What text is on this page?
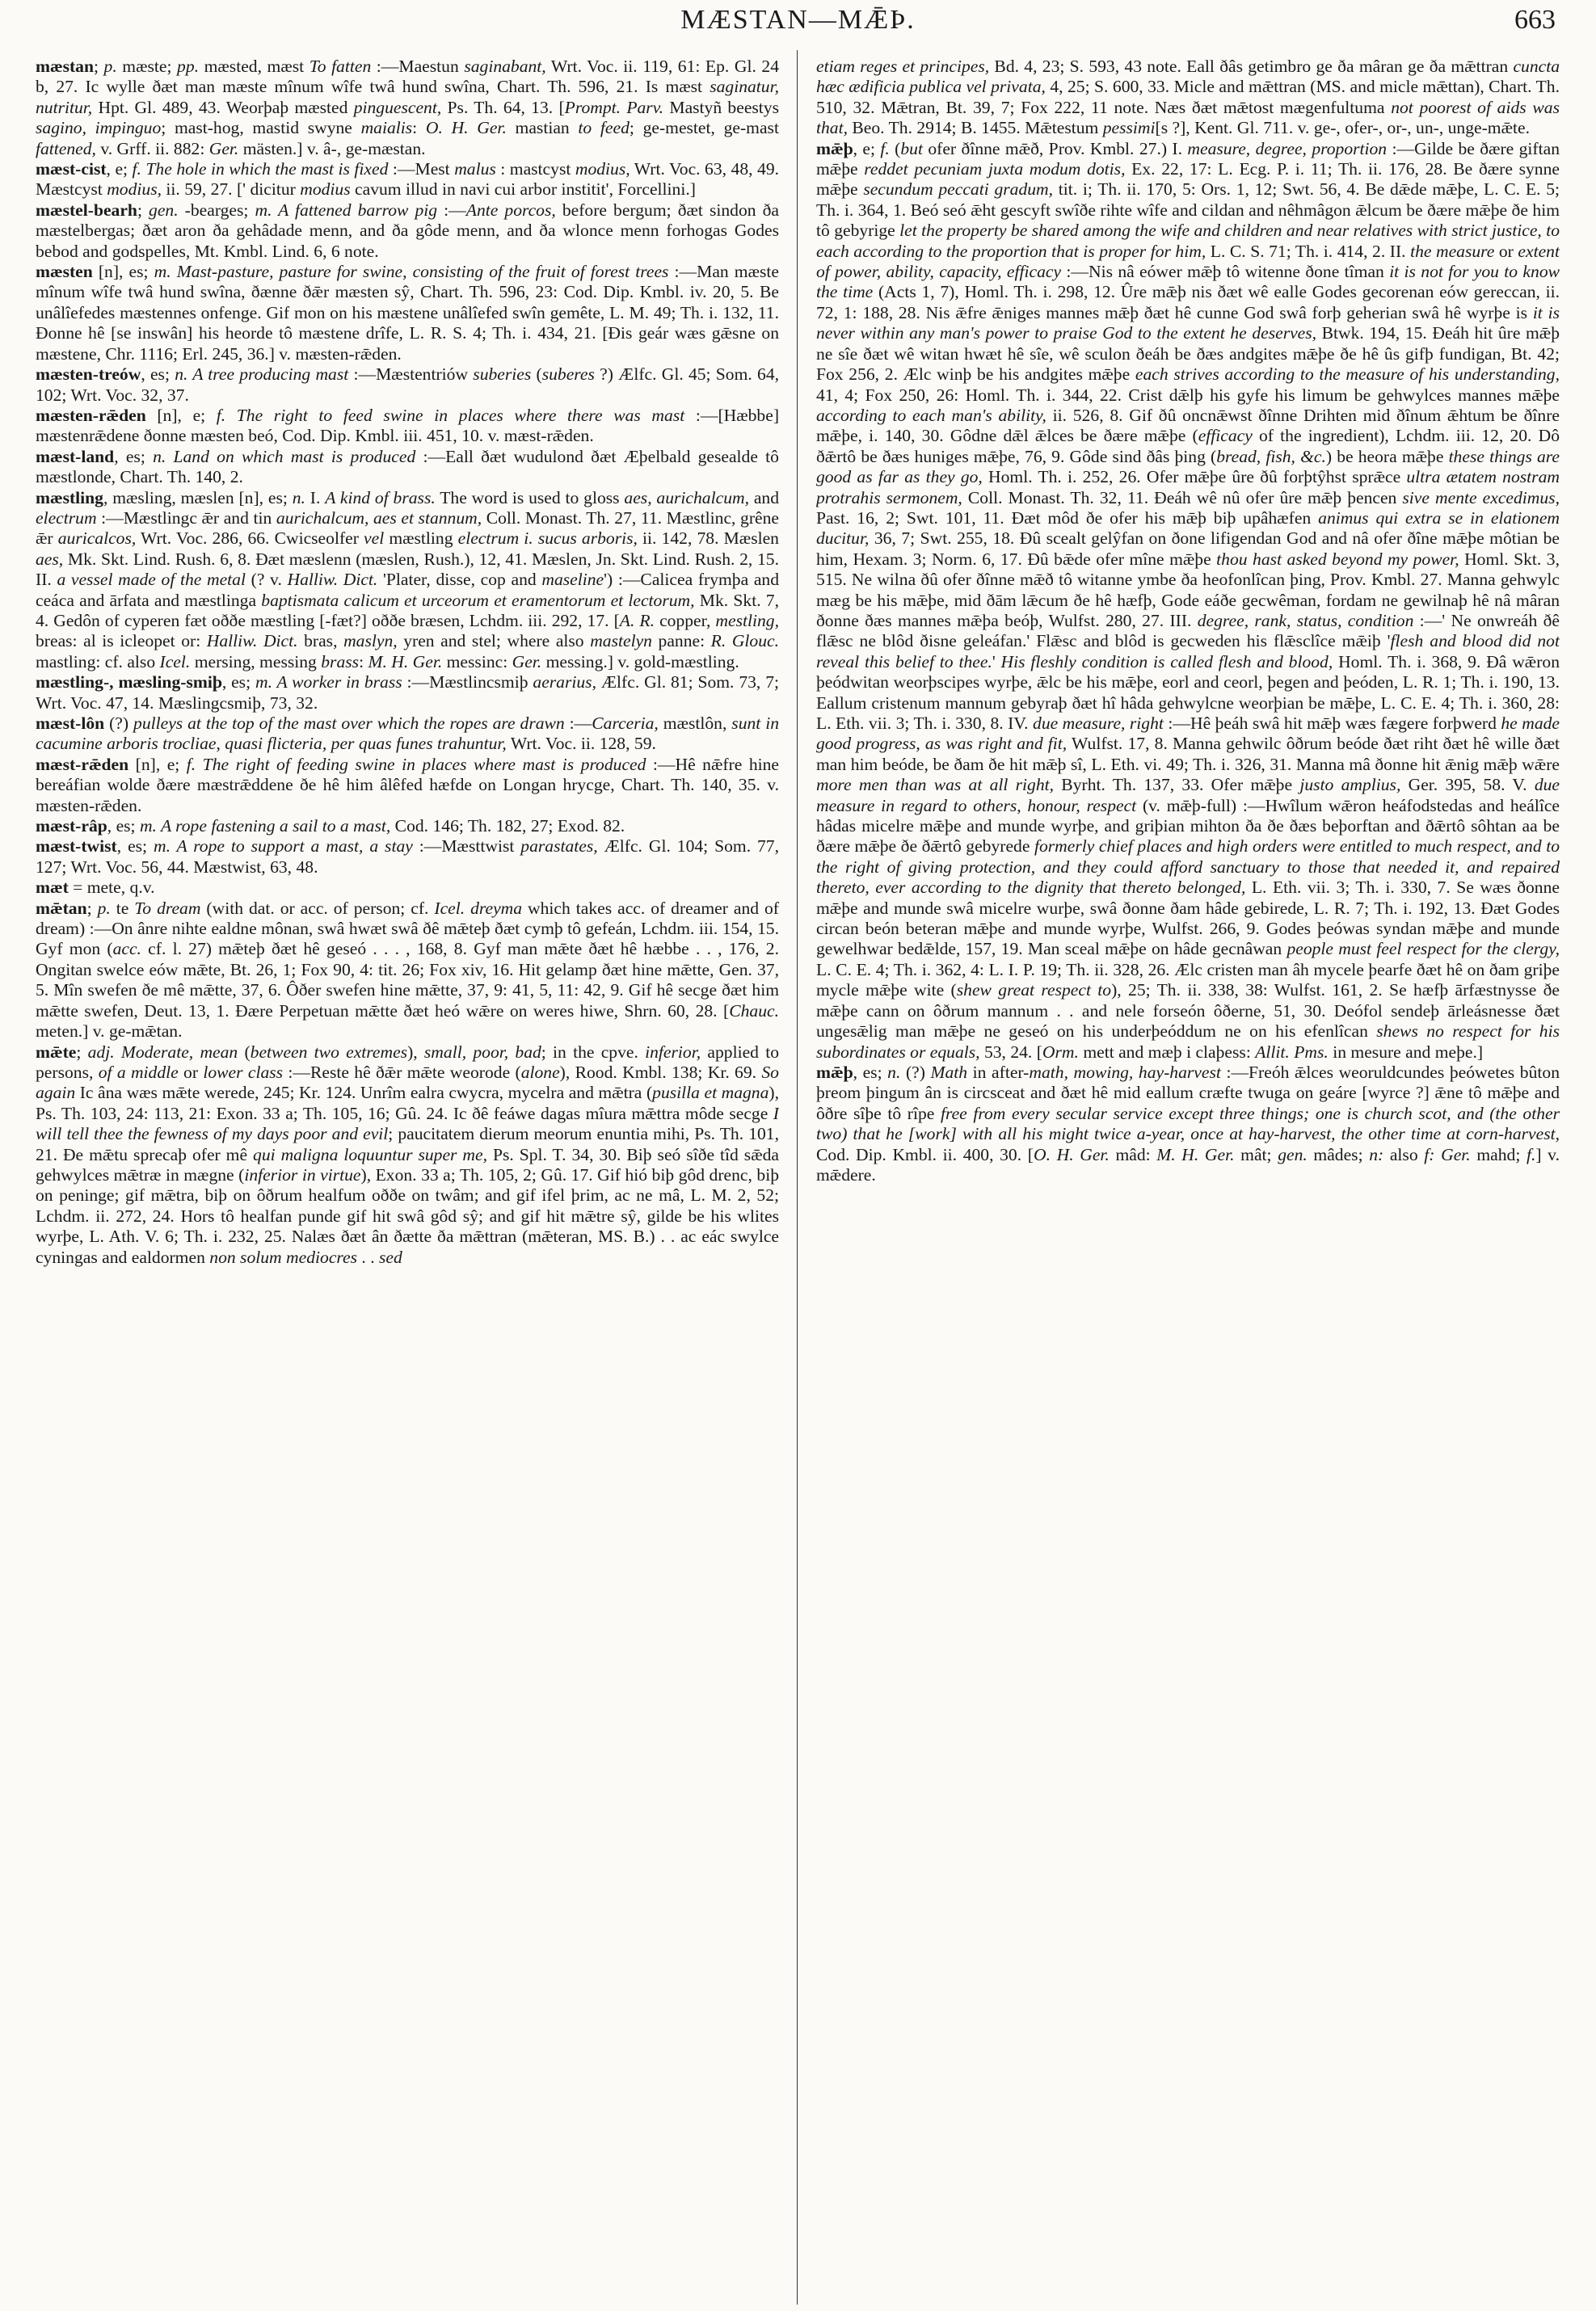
MÆSTAN—MǢÞ.	663

mæstan; p. mæste; pp. mæsted, mæst To fatten :—Maestun saginabant, Wrt. Voc. ii. 119, 61: Ep. Gl. 24 b, 27. Ic wylle ðæt man mæste mînum wîfe twâ hund swîna, Chart. Th. 596, 21. Is mæst saginatur, nutritur, Hpt. Gl. 489, 43. Weorþaþ mæsted pinguescent, Ps. Th. 64, 13. [Prompt. Parv. Mastyñ beestys sagino, impinguo; mast-hog, mastid swyne maialis: O. H. Ger. mastian to feed; ge-mestet, ge-mast fattened, v. Grff. ii. 882: Ger. mästen.] v. â-, ge-mæstan.

mæst-cist, e; f. The hole in which the mast is fixed :—Mest malus : mastcyst modius, Wrt. Voc. 63, 48, 49. Mæstcyst modius, ii. 59, 27. [' dicitur modius cavum illud in navi cui arbor institit', Forcellini.]

mæstel-bearh; gen. -bearges; m. A fattened barrow pig :—Ante porcos, before bergum; ðæt sindon ða mæstelbergas; ðæt aron ða gehâdade menn, and ða gôde menn, and ða wlonce menn forhogas Godes bebod and godspelles, Mt. Kmbl. Lind. 6, 6 note.

mæsten [n], es; m. Mast-pasture, pasture for swine, consisting of the fruit of forest trees :—Man mæste mînum wîfe twâ hund swîna, ðænne ðǣr mæsten sŷ, Chart. Th. 596, 23: Cod. Dip. Kmbl. iv. 20, 5. Be unâlîefedes mæstennes onfenge. Gif mon on his mæstene unâlîefed swîn gemête, L. M. 49; Th. i. 132, 11. Ðonne hê [se inswân] his heorde tô mæstene drîfe, L. R. S. 4; Th. i. 434, 21. [Ðis geár wæs gǣsne on mæstene, Chr. 1116; Erl. 245, 36.] v. mæsten-rǣden.

mæsten-treów, es; n. A tree producing mast :—Mæstentriów suberies (suberes ?) Ælfc. Gl. 45; Som. 64, 102; Wrt. Voc. 32, 37.

mæsten-rǣden [n], e; f. The right to feed swine in places where there was mast :—[Hæbbe] mæstenrǣdene ðonne mæsten beó, Cod. Dip. Kmbl. iii. 451, 10. v. mæst-rǣden.

mæst-land, es; n. Land on which mast is produced :—Eall ðæt wudulond ðæt Æþelbald gesealde tô mæstlonde, Chart. Th. 140, 2.

mæstling, mæsling, mæslen [n], es; n. I. A kind of brass. The word is used to gloss aes, aurichalcum, and electrum :—Mæstlingc ǣr and tin aurichalcum, aes et stannum, Coll. Monast. Th. 27, 11. Mæstlinc, grêne ǣr auricalcos, Wrt. Voc. 286, 66. Cwicseolfer vel mæstling electrum i. sucus arboris, ii. 142, 78. Mæslen aes, Mk. Skt. Lind. Rush. 6, 8. Ðæt mæslenn (mæslen, Rush.), 12, 41. Mæslen, Jn. Skt. Lind. Rush. 2, 15. II. a vessel made of the metal (? v. Halliw. Dict. 'Plater, disse, cop and maseline') :—Calicea frymþa and ceáca and ārfata and mæstlinga baptismata calicum et urceorum et eramentorum et lectorum, Mk. Skt. 7, 4. Gedôn of cyperen fæt oððe mæstling [-fæt?] oððe bræsen, Lchdm. iii. 292, 17. [A. R. copper, mestling, breas: al is icleopet or: Halliw. Dict. bras, maslyn, yren and stel; where also mastelyn panne: R. Glouc. mastling: cf. also Icel. mersing, messing brass: M. H. Ger. messinc: Ger. messing.] v. gold-mæstling.

mæstling-, mæsling-smiþ, es; m. A worker in brass :—Mæstlincsmiþ aerarius, Ælfc. Gl. 81; Som. 73, 7; Wrt. Voc. 47, 14. Mæslingcsmiþ, 73, 32.

mæst-lôn (?) pulleys at the top of the mast over which the ropes are drawn :—Carceria, mæstlôn, sunt in cacumine arboris trocliae, quasi flicteria, per quas funes trahuntur, Wrt. Voc. ii. 128, 59.

mæst-rǣden [n], e; f. The right of feeding swine in places where mast is produced :—Hê nǣfre hine bereáfian wolde ðære mæstrǣddene ðe hê him âlêfed hæfde on Longan hrycge, Chart. Th. 140, 35. v. mæsten-rǣden.

mæst-râp, es; m. A rope fastening a sail to a mast, Cod. 146; Th. 182, 27; Exod. 82.

mæst-twist, es; m. A rope to support a mast, a stay :—Mæsttwist parastates, Ælfc. Gl. 104; Som. 77, 127; Wrt. Voc. 56, 44. Mæstwist, 63, 48.

mæt = mete, q.v.

mǣtan; p. te To dream (with dat. or acc. of person; cf. Icel. dreyma which takes acc. of dreamer and of dream) :—On ânre nihte ealdne mônan, swâ hwæt swâ ðê mǣteþ ðæt cymþ tô gefeán, Lchdm. iii. 154, 15. Gyf mon (acc. cf. l. 27) mǣteþ ðæt hê geseó . . . , 168, 8. Gyf man mǣte ðæt hê hæbbe . . , 176, 2. Ongitan swelce eów mǣte, Bt. 26, 1; Fox 90, 4: tit. 26; Fox xiv, 16. Hit gelamp ðæt hine mǣtte, Gen. 37, 5. Mîn swefen ðe mê mǣtte, 37, 6. Ôðer swefen hine mǣtte, 37, 9: 41, 5, 11: 42, 9. Gif hê secge ðæt him mǣtte swefen, Deut. 13, 1. Ðære Perpetuan mǣtte ðæt heó wǣre on weres hiwe, Shrn. 60, 28. [Chauc. meten.] v. ge-mǣtan.

mǣte; adj. Moderate, mean (between two extremes), small, poor, bad; in the cpve. inferior, applied to persons, of a middle or lower class :—Reste hê ðǣr mǣte weorode (alone), Rood. Kmbl. 138; Kr. 69. So again Ic âna wæs mǣte werede, 245; Kr. 124. Unrîm ealra cwycra, mycelra and mǣtra (pusilla et magna), Ps. Th. 103, 24: 113, 21: Exon. 33 a; Th. 105, 16; Gû. 24. Ic ðê feáwe dagas mîura mǣttra môde secge I will tell thee the fewness of my days poor and evil; paucitatem dierum meorum enuntia mihi, Ps. Th. 101, 21. Ðe mǣtu sprecaþ ofer mê qui maligna loquuntur super me, Ps. Spl. T. 34, 30. Biþ seó sîðe tîd sǣda gehwylces mǣtræ in mægne (inferior in virtue), Exon. 33 a; Th. 105, 2; Gû. 17. Gif hió biþ gôd drenc, biþ on peninge; gif mǣtra, biþ on ôðrum healfum oððe on twâm; and gif ifel þrim, ac ne mâ, L. M. 2, 52; Lchdm. ii. 272, 24. Hors tô healfan punde gif hit swâ gôd sŷ; and gif hit mǣtre sŷ, gilde be his wlites wyrþe, L. Ath. V. 6; Th. i. 232, 25. Nalæs ðæt ân ðætte ða mǣttran (mǣteran, MS. B.) . . ac eác swylce cyningas and ealdormen non solum mediocres . . sed

etiam reges et principes, Bd. 4, 23; S. 593, 43 note. Eall ðâs getimbro ge ða mâran ge ða mǣttran cuncta hæc ædificia publica vel privata, 4, 25; S. 600, 33. Micle and mǣttran (MS. and micle mǣttan), Chart. Th. 510, 32. Mǣtran, Bt. 39, 7; Fox 222, 11 note. Næs ðæt mǣtost mægenfultuma not poorest of aids was that, Beo. Th. 2914; B. 1455. Mǣtestum pessimi[s ?], Kent. Gl. 711. v. ge-, ofer-, or-, un-, unge-mǣte.

mǣþ, e; f. (but ofer ðînne mǣð, Prov. Kmbl. 27.) I. measure, degree, proportion :—Gilde be ðære giftan mǣþe reddet pecuniam juxta modum dotis, Ex. 22, 17: L. Ecg. P. i. 11; Th. ii. 176, 28. Be ðære synne mǣþe secundum peccati gradum, tit. i; Th. ii. 170, 5: Ors. 1, 12; Swt. 56, 4. Be dǣde mǣþe, L. C. E. 5; Th. i. 364, 1. Beó seó ǣht gescyft swîðe rihte wîfe and cildan and nêhmâgon ǣlcum be ðære mǣþe ðe him tô gebyrige let the property be shared among the wife and children and near relatives with strict justice, to each according to the proportion that is proper for him, L. C. S. 71; Th. i. 414, 2. II. the measure or extent of power, ability, capacity, efficacy :—Nis nâ eówer mǣþ tô witenne ðone tîman it is not for you to know the time (Acts 1, 7), Homl. Th. i. 298, 12. Ûre mǣþ nis ðæt wê ealle Godes gecorenan eów gereccan, ii. 72, 1: 188, 28. Nis ǣfre ǣniges mannes mǣþ ðæt hê cunne God swâ forþ geherian swâ hê wyrþe is it is never within any man's power to praise God to the extent he deserves, Btwk. 194, 15. Ðeáh hit ûre mǣþ ne sîe ðæt wê witan hwæt hê sîe, wê sculon ðeáh be ðæs andgites mǣþe ðe hê ûs gifþ fundigan, Bt. 42; Fox 256, 2. Ælc winþ be his andgites mǣþe each strives according to the measure of his understanding, 41, 4; Fox 250, 26: Homl. Th. i. 344, 22. Crist dǣlþ his gyfe his limum be gehwylces mannes mǣþe according to each man's ability, ii. 526, 8. Gif ðû oncnǣwst ðînne Drihten mid ðînum ǣhtum be ðînre mǣþe, i. 140, 30. Gôdne dǣl ǣlces be ðære mǣþe (efficacy of the ingredient), Lchdm. iii. 12, 20. Dô ðǣrtô be ðæs huniges mǣþe, 76, 9. Gôde sind ðâs þing (bread, fish, &c.) be heora mǣþe these things are good as far as they go, Homl. Th. i. 252, 26. Ofer mǣþe ûre ðû forþtŷhst sprǣce ultra ætatem nostram protrahis sermonem, Coll. Monast. Th. 32, 11. Ðeáh wê nû ofer ûre mǣþ þencen sive mente excedimus, Past. 16, 2; Swt. 101, 11. Ðæt môd ðe ofer his mǣþ biþ upâhæfen animus qui extra se in elationem ducitur, 36, 7; Swt. 255, 18. Ðû scealt gelŷfan on ðone lifigendan God and nâ ofer ðîne mǣþe môtian be him, Hexam. 3; Norm. 6, 17. Ðû bǣde ofer mîne mǣþe thou hast asked beyond my power, Homl. Skt. 3, 515. Ne wilna ðû ofer ðînne mǣð tô witanne ymbe ða heofonlîcan þing, Prov. Kmbl. 27. Manna gehwylc mæg be his mǣþe, mid ðām lǣcum ðe hê hæfþ, Gode eáðe gecwêman, fordam ne gewilnaþ hê nâ mâran ðonne ðæs mannes mǣþa beóþ, Wulfst. 280, 27. III. degree, rank, status, condition :—' Ne onwreáh ðê flǣsc ne blôd ðisne geleáfan.' Flǣsc and blôd is gecweden his flǣsclîce mǣiþ 'flesh and blood did not reveal this belief to thee.' His fleshly condition is called flesh and blood, Homl. Th. i. 368, 9. Ðâ wǣron þeódwitan weorþscipes wyrþe, ǣlc be his mǣþe, eorl and ceorl, þegen and þeóden, L. R. 1; Th. i. 190, 13. Eallum cristenum mannum gebyraþ ðæt hî hâda gehwylcne weorþian be mǣþe, L. C. E. 4; Th. i. 360, 28: L. Eth. vii. 3; Th. i. 330, 8. IV. due measure, right :—Hê þeáh swâ hit mǣþ wæs fægere forþwerd he made good progress, as was right and fit, Wulfst. 17, 8. Manna gehwilc ôðrum beóde ðæt riht ðæt hê wille ðæt man him beóde, be ðam ðe hit mǣþ sî, L. Eth. vi. 49; Th. i. 326, 31. Manna mâ ðonne hit ǣnig mǣþ wǣre more men than was at all right, Byrht. Th. 137, 33. Ofer mǣþe justo amplius, Ger. 395, 58. V. due measure in regard to others, honour, respect (v. mǣþ-full) :—Hwîlum wǣron heáfodstedas and heálîce hâdas micelre mǣþe and munde wyrþe, and griþian mihton ða ðe ðæs beþorftan and ðǣrtô sôhtan aa be ðære mǣþe ðe ðǣrtô gebyrede formerly chief places and high orders were entitled to much respect, and to the right of giving protection, and they could afford sanctuary to those that needed it, and repaired thereto, ever according to the dignity that thereto belonged, L. Eth. vii. 3; Th. i. 330, 7. Se wæs ðonne mǣþe and munde swâ micelre wurþe, swâ ðonne ðam hâde gebirede, L. R. 7; Th. i. 192, 13. Ðæt Godes circan beón beteran mǣþe and munde wyrþe, Wulfst. 266, 9. Godes þeówas syndan mǣþe and munde gewelhwar bedǣlde, 157, 19. Man sceal mǣþe on hâde gecnâwan people must feel respect for the clergy, L. C. E. 4; Th. i. 362, 4: L. I. P. 19; Th. ii. 328, 26. Ælc cristen man âh mycele þearfe ðæt hê on ðam griþe mycle mǣþe wite (shew great respect to), 25; Th. ii. 338, 38: Wulfst. 161, 2. Se hæfþ ārfæstnysse ðe mǣþe cann on ôðrum mannum . . and nele forseón ôðerne, 51, 30. Deófol sendeþ ārleásnesse ðæt ungesǣlig man mǣþe ne geseó on his underþeóddum ne on his efenlîcan shews no respect for his subordinates or equals, 53, 24. [Orm. mett and mæþ i claþess: Allit. Pms. in mesure and meþe.]

mǣþ, es; n. (?) Math in after-math, mowing, hay-harvest :—Freóh ǣlces weoruldcundes þeówetes bûton þreom þingum ân is circsceat and ðæt hê mid eallum cræfte twuga on geáre [wyrce ?] ǣne tô mǣþe and ôðre sîþe tô rîpe free from every secular service except three things; one is church scot, and (the other two) that he [work] with all his might twice a-year, once at hay-harvest, the other time at corn-harvest, Cod. Dip. Kmbl. ii. 400, 30. [O. H. Ger. mâd: M. H. Ger. mât; gen. mâdes; n: also f: Ger. mahd; f.] v. mǣdere.
